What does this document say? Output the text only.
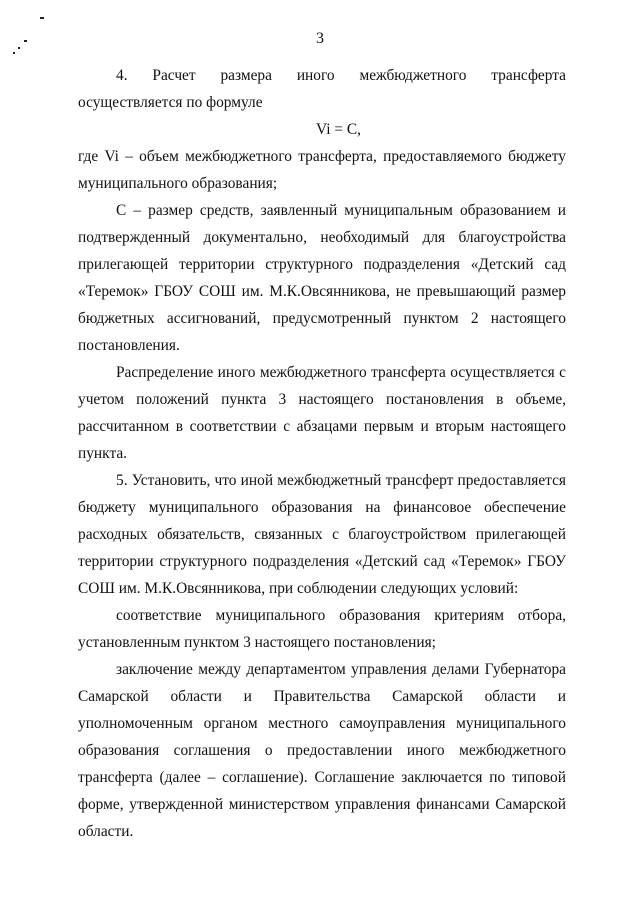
3

4. Расчет размера иного межбюджетного трансферта осуществляется по формуле

Vi = C,

где Vi – объем межбюджетного трансферта, предоставляемого бюджету муниципального образования;

С – размер средств, заявленный муниципальным образованием и подтвержденный документально, необходимый для благоустройства прилегающей территории структурного подразделения «Детский сад «Теремок» ГБОУ СОШ им. М.К.Овсянникова, не превышающий размер бюджетных ассигнований, предусмотренный пунктом 2 настоящего постановления.

Распределение иного межбюджетного трансферта осуществляется с учетом положений пункта 3 настоящего постановления в объеме, рассчитанном в соответствии с абзацами первым и вторым настоящего пункта.

5. Установить, что иной межбюджетный трансферт предоставляется бюджету муниципального образования на финансовое обеспечение расходных обязательств, связанных с благоустройством прилегающей территории структурного подразделения «Детский сад «Теремок» ГБОУ СОШ им. М.К.Овсянникова, при соблюдении следующих условий:

соответствие муниципального образования критериям отбора, установленным пунктом 3 настоящего постановления;

заключение между департаментом управления делами Губернатора Самарской области и Правительства Самарской области и уполномоченным органом местного самоуправления муниципального образования соглашения о предоставлении иного межбюджетного трансферта (далее – соглашение). Соглашение заключается по типовой форме, утвержденной министерством управления финансами Самарской области.
